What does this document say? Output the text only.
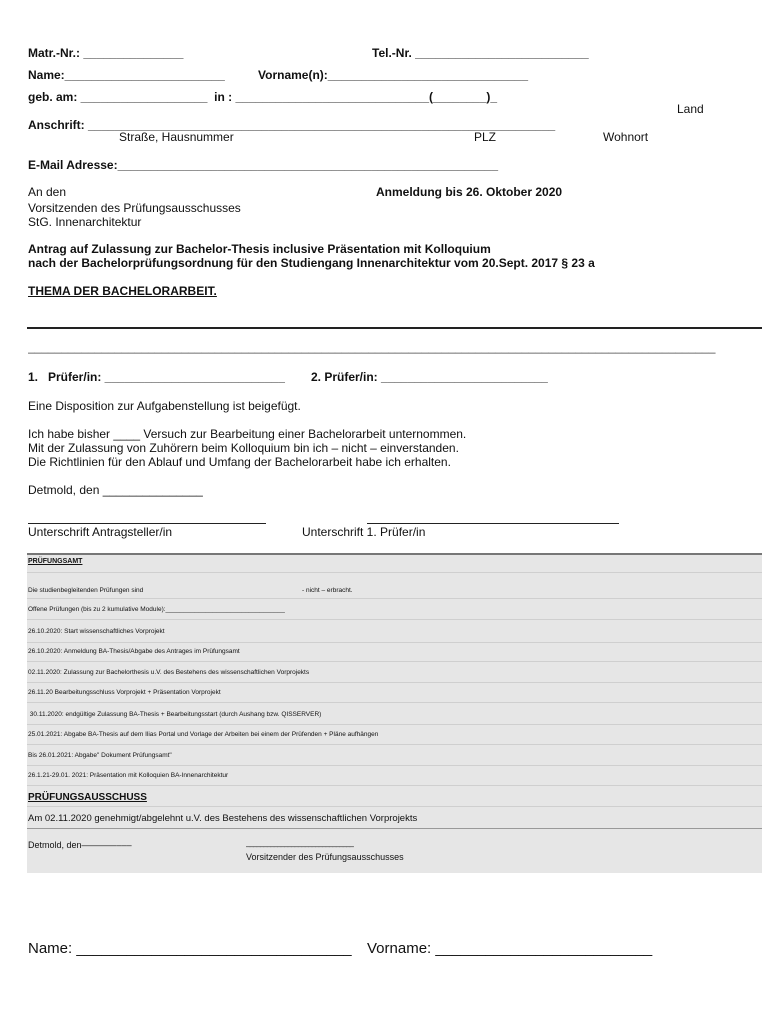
Matr.-Nr.: _______________	Tel.-Nr. __________________________
Name:________________________	Vorname(n):______________________________
geb. am: ___________________  in : _____________________________(________)_
Land
Anschrift: ______________________________________________________________________
Straße, Hausnummer	PLZ	Wohnort
E-Mail Adresse:_________________________________________________________
An den
Vorsitzenden des Prüfungsausschusses
StG. Innenarchitektur
Anmeldung bis 26. Oktober 2020
Antrag auf Zulassung zur Bachelor-Thesis inclusive Präsentation mit Kolloquium
nach der Bachelorprüfungsordnung für den Studiengang Innenarchitektur vom 20.Sept. 2017 § 23 a
THEMA DER BACHELORARBEIT.
_______________________________________________________________________________________________________
1.   Prüfer/in: ___________________________ 2. Prüfer/in: _________________________
Eine Disposition zur Aufgabenstellung ist beigefügt.
Ich habe bisher ____ Versuch zur Bearbeitung einer Bachelorarbeit unternommen.
Mit der Zulassung von Zuhörern beim Kolloquium bin ich – nicht – einverstanden.
Die Richtlinien für den Ablauf und Umfang der Bachelorarbeit habe ich erhalten.
Detmold, den _______________
Unterschrift Antragsteller/in	Unterschrift 1. Prüfer/in
PRÜFUNGSAMT
Die studienbegleitenden Prüfungen sind	- nicht – erbracht.
Offene Prüfungen (bis zu 2 kumulative Module):_________________________________
26.10.2020: Start wissenschaftliches Vorprojekt
26.10.2020: Anmeldung BA-Thesis/Abgabe des Antrages im Prüfungsamt
02.11.2020: Zulassung zur Bachelorthesis u.V. des Bestehens des wissenschaftlichen Vorprojekts
26.11.20 Bearbeitungsschluss Vorprojekt + Präsentation Vorprojekt
30.11.2020: endgültige Zulassung BA-Thesis + Bearbeitungsstart (durch Aushang bzw. QISSERVER)
25.01.2021: Abgabe BA-Thesis auf dem Ilias Portal und Vorlage der Arbeiten bei einem der Prüfenden + Pläne aufhängen
Bis 26.01.2021: Abgabe" Dokument Prüfungsamt"
26.1.21-29.01. 2021: Präsentation mit Kolloquien BA-Innenarchitektur
PRÜFUNGSAUSSCHUSS
Am 02.11.2020 genehmigt/abgelehnt u.V. des Bestehens des wissenschaftlichen Vorprojekts
Detmold, den––––––––––	–––––––––––––––––––––––––––––––
Vorsitzender des Prüfungsausschusses
Name: _________________________________ Vorname: __________________________
